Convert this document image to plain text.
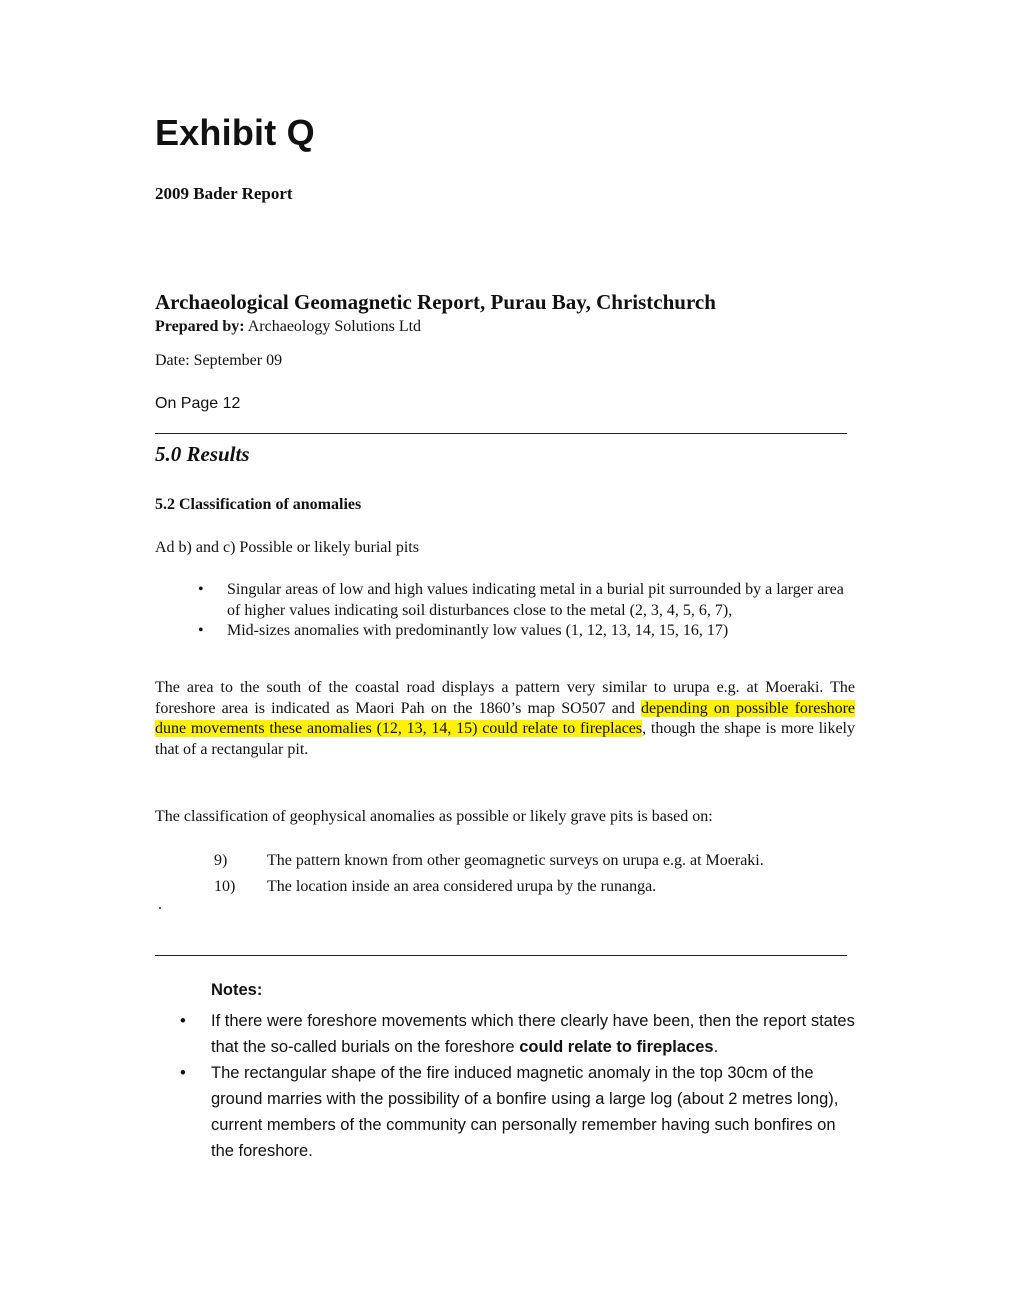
Exhibit Q
2009 Bader Report
Archaeological Geomagnetic Report, Purau Bay, Christchurch
Prepared by: Archaeology Solutions Ltd
Date: September 09
On Page 12
5.0 Results
5.2 Classification of anomalies
Ad b) and c) Possible or likely burial pits
•	Singular areas of low and high values indicating metal in a burial pit surrounded by a larger area of higher values indicating soil disturbances close to the metal (2, 3, 4, 5, 6, 7),
•	Mid-sizes anomalies with predominantly low values (1, 12, 13, 14, 15, 16, 17)
The area to the south of the coastal road displays a pattern very similar to urupa e.g. at Moeraki. The foreshore area is indicated as Maori Pah on the 1860’s map SO507 and depending on possible foreshore dune movements these anomalies (12, 13, 14, 15) could relate to fireplaces, though the shape is more likely that of a rectangular pit.
The classification of geophysical anomalies as possible or likely grave pits is based on:
9)	The pattern known from other geomagnetic surveys on urupa e.g. at Moeraki.
10)	The location inside an area considered urupa by the runanga.
.
Notes:
•	If there were foreshore movements which there clearly have been, then the report states that the so-called burials on the foreshore could relate to fireplaces.
•	The rectangular shape of the fire induced magnetic anomaly in the top 30cm of the ground marries with the possibility of a bonfire using a large log (about 2 metres long), current members of the community can personally remember having such bonfires on the foreshore.
